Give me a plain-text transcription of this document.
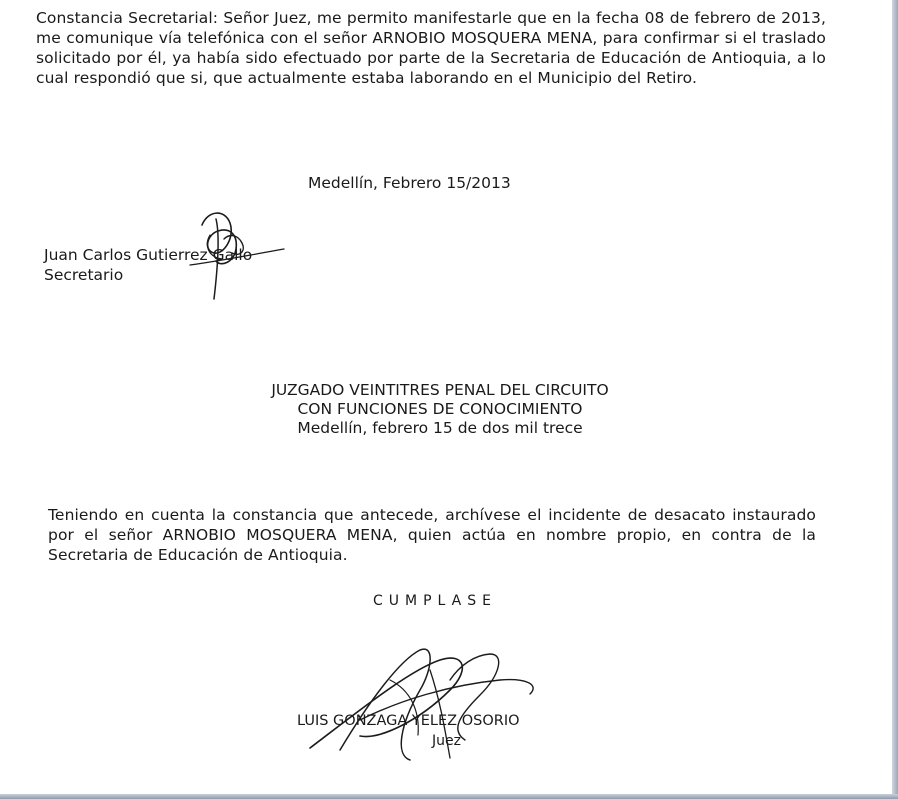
Constancia Secretarial: Señor Juez, me permito manifestarle que en la fecha 08 de febrero de 2013, me comunique vía telefónica con el señor ARNOBIO MOSQUERA MENA, para confirmar si el traslado solicitado por él, ya había sido efectuado por parte de la Secretaria de Educación de Antioquia, a lo cual respondió que si, que actualmente estaba laborando en el Municipio del Retiro.

Medellín, Febrero 15/2013
Juan Carlos Gutierrez Gallo
Secretario
JUZGADO VEINTITRES PENAL DEL CIRCUITO
CON FUNCIONES DE CONOCIMIENTO
Medellín, febrero 15 de dos mil trece

Teniendo en cuenta la constancia que antecede, archívese el incidente de desacato instaurado por el señor ARNOBIO MOSQUERA MENA, quien actúa en nombre propio, en contra de la Secretaria de Educación de Antioquia.

CUMPLASE
LUIS GONZAGA YELEZ OSORIO
Juez
